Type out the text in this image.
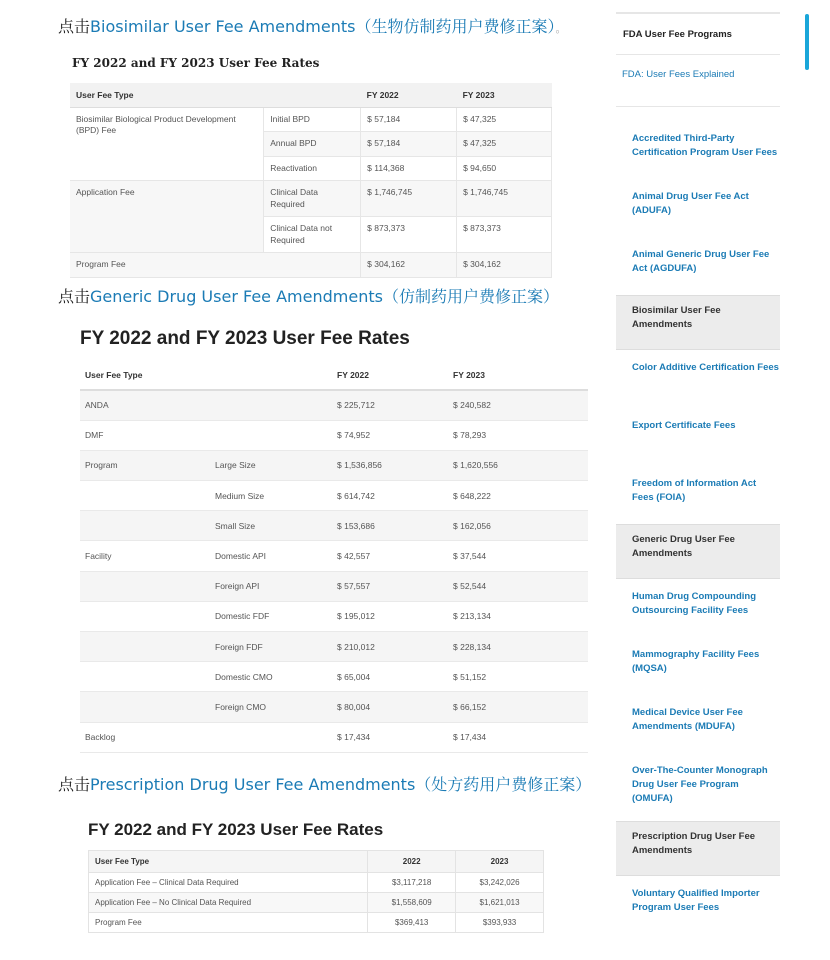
点击Biosimilar User Fee Amendments（生物仿制药用户费修正案）。
FY 2022 and FY 2023 User Fee Rates
User Fee Type		FY 2022	FY 2023
Biosimilar Biological Product Development (BPD) Fee	Initial BPD	$ 57,184	$ 47,325
	Annual BPD	$ 57,184	$ 47,325
	Reactivation	$ 114,368	$ 94,650
Application Fee	Clinical Data Required	$ 1,746,745	$ 1,746,745
	Clinical Data not Required	$ 873,373	$ 873,373
Program Fee		$ 304,162	$ 304,162
点击Generic Drug User Fee Amendments（仿制药用户费修正案）
FY 2022 and FY 2023 User Fee Rates
User Fee Type		FY 2022	FY 2023
ANDA		$ 225,712	$ 240,582
DMF		$ 74,952	$ 78,293
Program	Large Size	$ 1,536,856	$ 1,620,556
	Medium Size	$ 614,742	$ 648,222
	Small Size	$ 153,686	$ 162,056
Facility	Domestic API	$ 42,557	$ 37,544
	Foreign API	$ 57,557	$ 52,544
	Domestic FDF	$ 195,012	$ 213,134
	Foreign FDF	$ 210,012	$ 228,134
	Domestic CMO	$ 65,004	$ 51,152
	Foreign CMO	$ 80,004	$ 66,152
Backlog		$ 17,434	$ 17,434
点击Prescription Drug User Fee Amendments（处方药用户费修正案）
FY 2022 and FY 2023 User Fee Rates
User Fee Type	2022	2023
Application Fee – Clinical Data Required	$3,117,218	$3,242,026
Application Fee – No Clinical Data Required	$1,558,609	$1,621,013
Program Fee	$369,413	$393,933
FDA User Fee Programs
FDA: User Fees Explained
Accredited Third-Party Certification Program User Fees
Animal Drug User Fee Act (ADUFA)
Animal Generic Drug User Fee Act (AGDUFA)
Biosimilar User Fee Amendments
Color Additive Certification Fees
Export Certificate Fees
Freedom of Information Act Fees (FOIA)
Generic Drug User Fee Amendments
Human Drug Compounding Outsourcing Facility Fees
Mammography Facility Fees (MQSA)
Medical Device User Fee Amendments (MDUFA)
Over-The-Counter Monograph Drug User Fee Program (OMUFA)
Prescription Drug User Fee Amendments
Voluntary Qualified Importer Program User Fees
